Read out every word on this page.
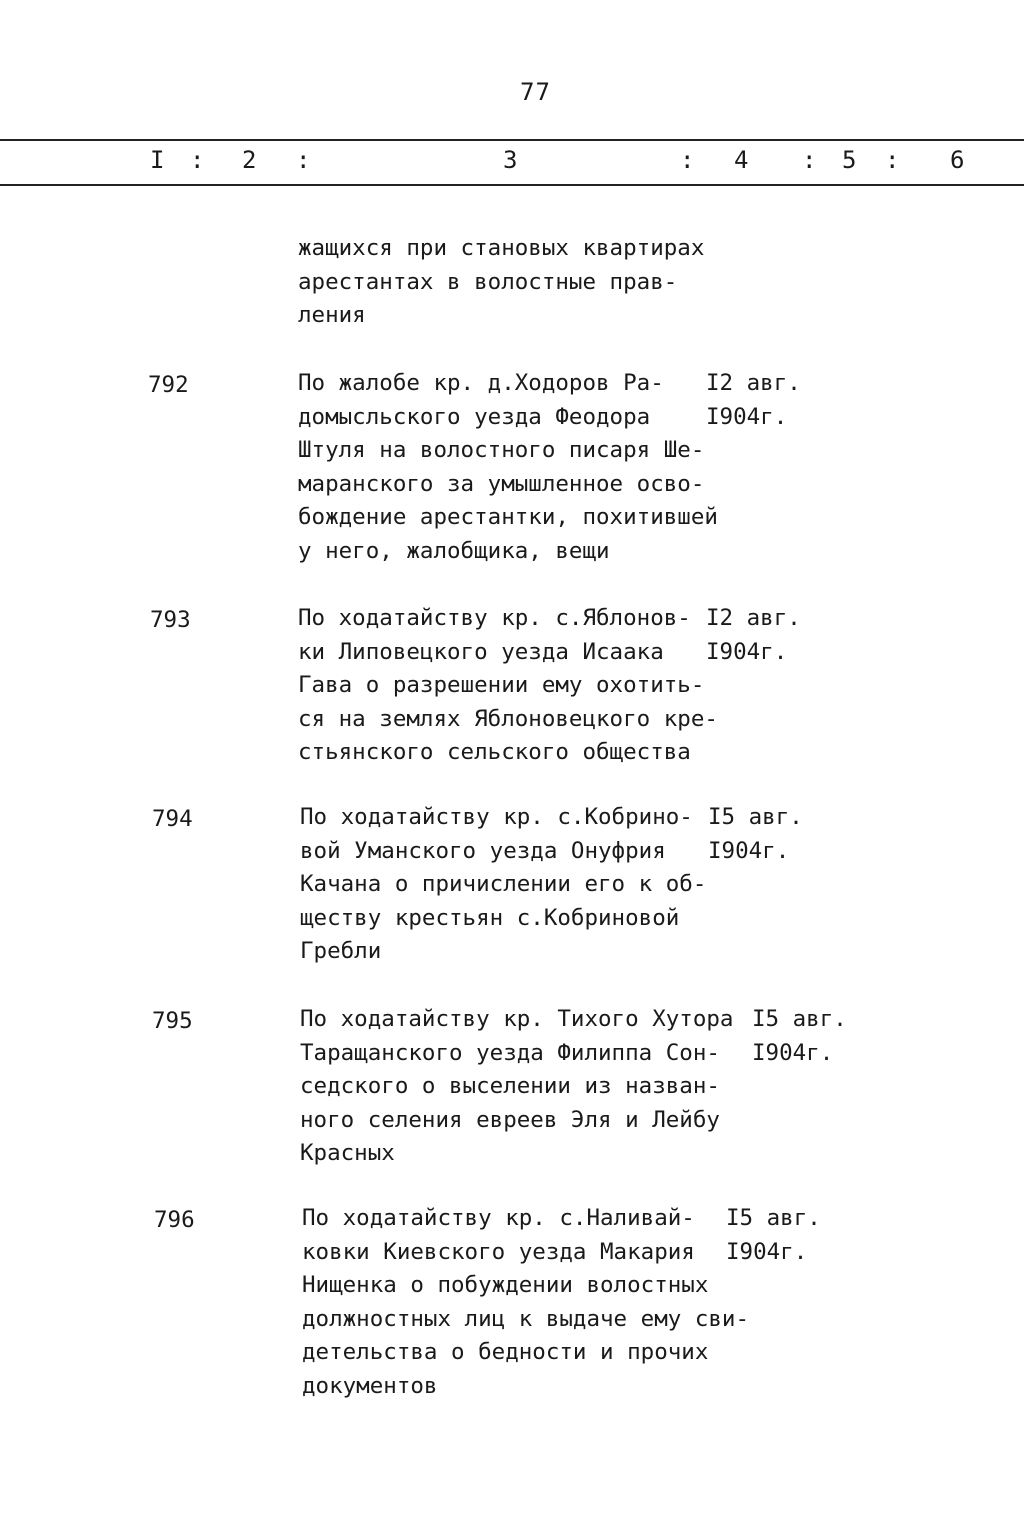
77
I : 2 :	3	: 4 : 5 : 6
жащихся при становых квартирах
арестантах в волостные прав-
ления
792	По жалобе кр. д.Ходоров Ра-
домысльского уезда Феодора
Штуля на волостного писаря Ше-
маранского за умышленное осво-
бождение арестантки, похитившей
у него, жалобщика, вещи
I2 авг.
I904г.
793	По ходатайству кр. с.Яблонов-
ки Липовецкого уезда Исаака
Гава о разрешении ему охотить-
ся на землях Яблоновецкого кре-
стьянского сельского общества
I2 авг.
I904г.
794	По ходатайству кр. с.Кобрино-
вой Уманского уезда Онуфрия
Качана о причислении его к об-
ществу крестьян с.Кобриновой
Гребли
I5 авг.
I904г.
795	По ходатайству кр. Тихого Хутора
Таращанского уезда Филиппа Сон-
седского о выселении из назван-
ного селения евреев Эля и Лейбу
Красных
I5 авг.
I904г.
796	По ходатайству кр. с.Наливай-
ковки Киевского уезда Макария
Нищенка о побуждении волостных
должностных лиц к выдаче ему сви-
детельства о бедности и прочих
документов
I5 авг.
I904г.
